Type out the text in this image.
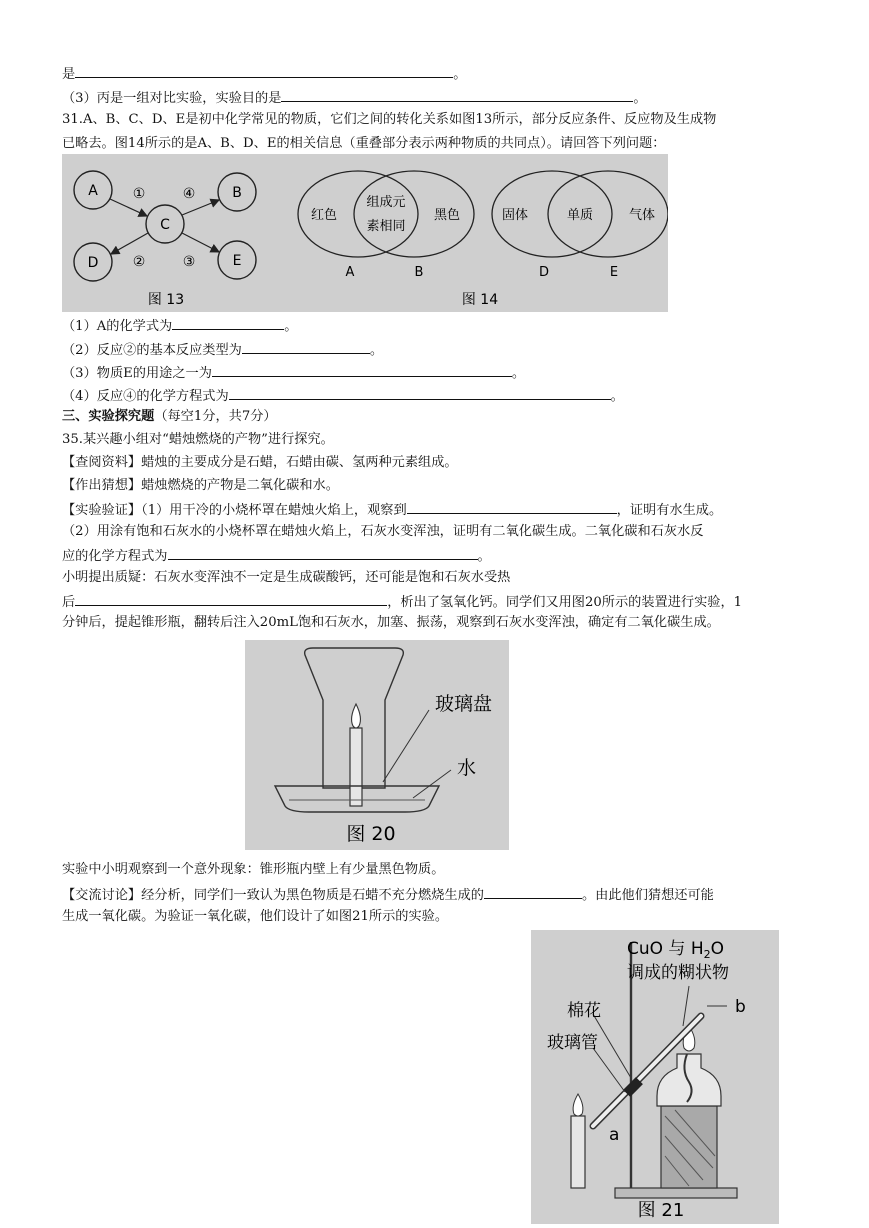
是	。
（3）丙是一组对比实验，实验目的是	。
31.A、B、C、D、E是初中化学常见的物质，它们之间的转化关系如图13所示，部分反应条件、反应物及生成物
已略去。图14所示的是A、B、D、E的相关信息（重叠部分表示两种物质的共同点）。请回答下列问题：
A	B
C
D	E
①	④
②	③
图 13
红色
组成元
素相同
黑色
A	B
固体	单质	气体
D	E
图 14
（1）A的化学式为	。
（2）反应②的基本反应类型为	。
（3）物质E的用途之一为	。
（4）反应④的化学方程式为	。
三、实验探究题（每空1分，共7分）
35.某兴趣小组对“蜡烛燃烧的产物”进行探究。
【查阅资料】蜡烛的主要成分是石蜡，石蜡由碳、氢两种元素组成。
【作出猜想】蜡烛燃烧的产物是二氧化碳和水。
【实验验证】（1）用干冷的小烧杯罩在蜡烛火焰上，观察到	，证明有水生成。
（2）用涂有饱和石灰水的小烧杯罩在蜡烛火焰上，石灰水变浑浊，证明有二氧化碳生成。二氧化碳和石灰水反
应的化学方程式为	。
小明提出质疑：石灰水变浑浊不一定是生成碳酸钙，还可能是饱和石灰水受热
后	，析出了氢氧化钙。同学们又用图20所示的装置进行实验，1
分钟后，提起锥形瓶，翻转后注入20mL饱和石灰水，加塞、振荡，观察到石灰水变浑浊，确定有二氧化碳生成。
玻璃盘
水
图 20
实验中小明观察到一个意外现象：锥形瓶内壁上有少量黑色物质。
【交流讨论】经分析，同学们一致认为黑色物质是石蜡不充分燃烧生成的	。由此他们猜想还可能
生成一氧化碳。为验证一氧化碳，他们设计了如图21所示的实验。
CuO 与 $H_2O$
调成的糊状物
b
棉花
玻璃管
a
图 21
